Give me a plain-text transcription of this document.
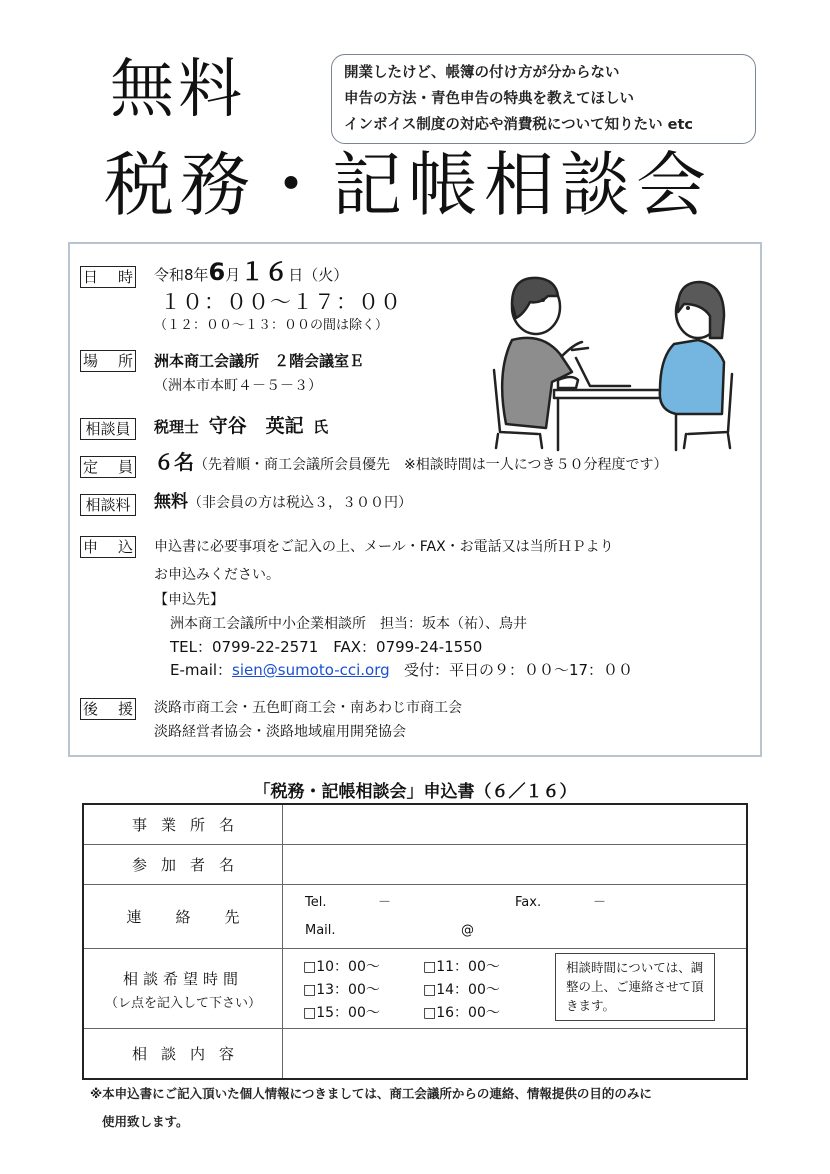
無料	開業したけど、帳簿の付け方が分からない
申告の方法・青色申告の特典を教えてほしい
インボイス制度の対応や消費税について知りたい etc
税務・記帳相談会
日 時 令和8年6月１６日（火）
１０：００～１７：００
（１２：００～１３：００の間は除く）
場 所 洲本商工会議所　２階会議室Ｅ
（洲本市本町４－５－３）
相談員	税理士 守谷　英記 氏
定 員 ６名（先着順・商工会議所会員優先　※相談時間は一人につき５０分程度です）
相談料	無料（非会員の方は税込３，３００円）
申 込 申込書に必要事項をご記入の上、メール・FAX・お電話又は当所ＨＰより
お申込みください。
【申込先】
洲本商工会議所中小企業相談所　担当：坂本（祐）、鳥井
TEL：0799-22-2571　FAX：0799-24-1550
E-mail：sien@sumoto-cci.org 受付：平日の９：００～17：００
後 援 淡路市商工会・五色町商工会・南あわじ市商工会
淡路経営者協会・淡路地域雇用開発協会
「税務・記帳相談会」申込書（６／１６）
事業所名
参加者名
連絡先
Tel.	－	Fax.	－
Mail.	@
相談希望時間
（レ点を記入して下さい）
□10：00～	□11：00～
□13：00～	□14：00～
□15：00～	□16：00～
相談時間については、調整の上、ご連絡させて頂きます。
相談内容
※本申込書にご記入頂いた個人情報につきましては、商工会議所からの連絡、情報提供の目的のみに
使用致します。
